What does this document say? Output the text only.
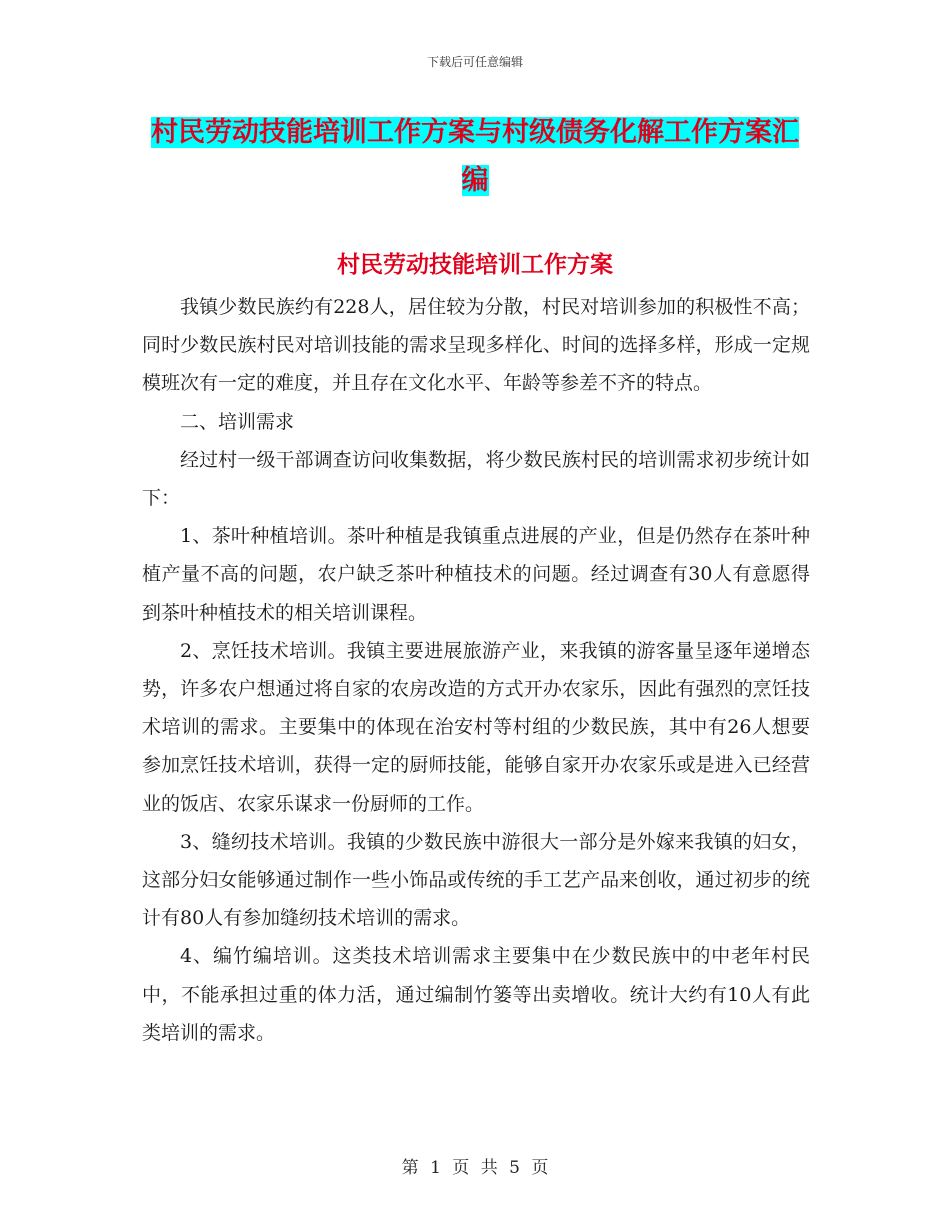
下载后可任意编辑
村民劳动技能培训工作方案与村级债务化解工作方案汇编
村民劳动技能培训工作方案

我镇少数民族约有228人，居住较为分散，村民对培训参加的积极性不高；同时少数民族村民对培训技能的需求呈现多样化、时间的选择多样，形成一定规模班次有一定的难度，并且存在文化水平、年龄等参差不齐的特点。

二、培训需求

经过村一级干部调查访问收集数据，将少数民族村民的培训需求初步统计如下：

1、茶叶种植培训。茶叶种植是我镇重点进展的产业，但是仍然存在茶叶种植产量不高的问题，农户缺乏茶叶种植技术的问题。经过调查有30人有意愿得到茶叶种植技术的相关培训课程。

2、烹饪技术培训。我镇主要进展旅游产业，来我镇的游客量呈逐年递增态势，许多农户想通过将自家的农房改造的方式开办农家乐，因此有强烈的烹饪技术培训的需求。主要集中的体现在治安村等村组的少数民族，其中有26人想要参加烹饪技术培训，获得一定的厨师技能，能够自家开办农家乐或是进入已经营业的饭店、农家乐谋求一份厨师的工作。

3、缝纫技术培训。我镇的少数民族中游很大一部分是外嫁来我镇的妇女，这部分妇女能够通过制作一些小饰品或传统的手工艺产品来创收，通过初步的统计有80人有参加缝纫技术培训的需求。

4、编竹编培训。这类技术培训需求主要集中在少数民族中的中老年村民中，不能承担过重的体力活，通过编制竹篓等出卖增收。统计大约有10人有此类培训的需求。

第 1 页 共 5 页
